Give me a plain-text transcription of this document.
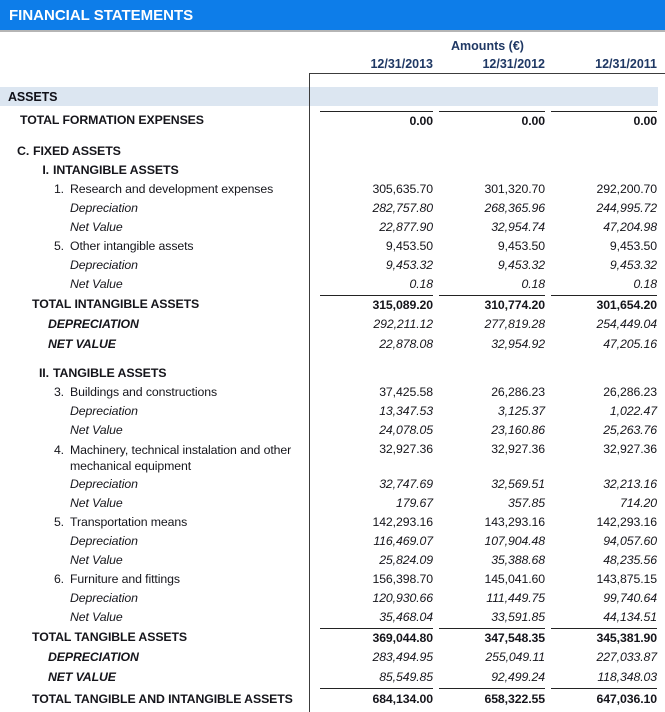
FINANCIAL STATEMENTS
Amounts (€)
12/31/2013	12/31/2012	12/31/2011
ASSETS
TOTAL FORMATION EXPENSES	0.00	0.00	0.00
C. FIXED ASSETS
I. INTANGIBLE ASSETS
1. Research and development expenses	305,635.70	301,320.70	292,200.70
Depreciation	282,757.80	268,365.96	244,995.72
Net Value	22,877.90	32,954.74	47,204.98
5. Other intangible assets	9,453.50	9,453.50	9,453.50
Depreciation	9,453.32	9,453.32	9,453.32
Net Value	0.18	0.18	0.18
TOTAL INTANGIBLE ASSETS	315,089.20	310,774.20	301,654.20
DEPRECIATION	292,211.12	277,819.28	254,449.04
NET VALUE	22,878.08	32,954.92	47,205.16
II. TANGIBLE ASSETS
3. Buildings and constructions	37,425.58	26,286.23	26,286.23
Depreciation	13,347.53	3,125.37	1,022.47
Net Value	24,078.05	23,160.86	25,263.76
4. Machinery, technical instalation and other
mechanical equipment
32,927.36	32,927.36	32,927.36
Depreciation	32,747.69	32,569.51	32,213.16
Net Value	179.67	357.85	714.20
5. Transportation means	142,293.16	143,293.16	142,293.16
Depreciation	116,469.07	107,904.48	94,057.60
Net Value	25,824.09	35,388.68	48,235.56
6. Furniture and fittings	156,398.70	145,041.60	143,875.15
Depreciation	120,930.66	111,449.75	99,740.64
Net Value	35,468.04	33,591.85	44,134.51
TOTAL TANGIBLE ASSETS	369,044.80	347,548.35	345,381.90
DEPRECIATION	283,494.95	255,049.11	227,033.87
NET VALUE	85,549.85	92,499.24	118,348.03
TOTAL TANGIBLE AND INTANGIBLE ASSETS	684,134.00	658,322.55	647,036.10
